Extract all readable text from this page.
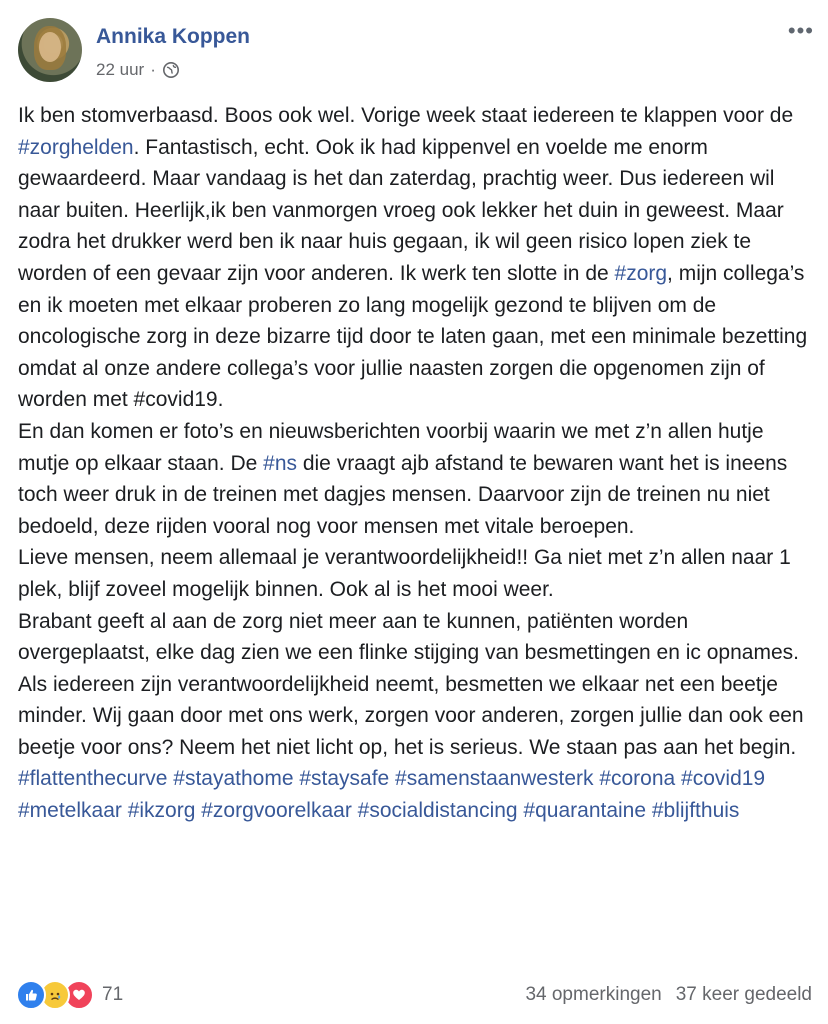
Annika Koppen
22 uur ·
•••

Ik ben stomverbaasd. Boos ook wel. Vorige week staat iedereen te klappen voor de #zorghelden. Fantastisch, echt. Ook ik had kippenvel en voelde me enorm gewaardeerd. Maar vandaag is het dan zaterdag, prachtig weer. Dus iedereen wil naar buiten. Heerlijk,ik ben vanmorgen vroeg ook lekker het duin in geweest. Maar zodra het drukker werd ben ik naar huis gegaan, ik wil geen risico lopen ziek te worden of een gevaar zijn voor anderen. Ik werk ten slotte in de #zorg, mijn collega’s en ik moeten met elkaar proberen zo lang mogelijk gezond te blijven om de oncologische zorg in deze bizarre tijd door te laten gaan, met een minimale bezetting omdat al onze andere collega’s voor jullie naasten zorgen die opgenomen zijn of worden met #covid19.
En dan komen er foto’s en nieuwsberichten voorbij waarin we met z’n allen hutje mutje op elkaar staan. De #ns die vraagt ajb afstand te bewaren want het is ineens toch weer druk in de treinen met dagjes mensen. Daarvoor zijn de treinen nu niet bedoeld, deze rijden vooral nog voor mensen met vitale beroepen.
Lieve mensen, neem allemaal je verantwoordelijkheid!! Ga niet met z’n allen naar 1 plek, blijf zoveel mogelijk binnen. Ook al is het mooi weer.
Brabant geeft al aan de zorg niet meer aan te kunnen, patiënten worden overgeplaatst, elke dag zien we een flinke stijging van besmettingen en ic opnames. Als iedereen zijn verantwoordelijkheid neemt, besmetten we elkaar net een beetje minder. Wij gaan door met ons werk, zorgen voor anderen, zorgen jullie dan ook een beetje voor ons? Neem het niet licht op, het is serieus. We staan pas aan het begin.
#flattenthecurve #stayathome #staysafe #samenstaanwesterk #corona #covid19 #metelkaar #ikzorg #zorgvoorelkaar #socialdistancing #quarantaine #blijfthuis

71	34 opmerkingen 37 keer gedeeld
